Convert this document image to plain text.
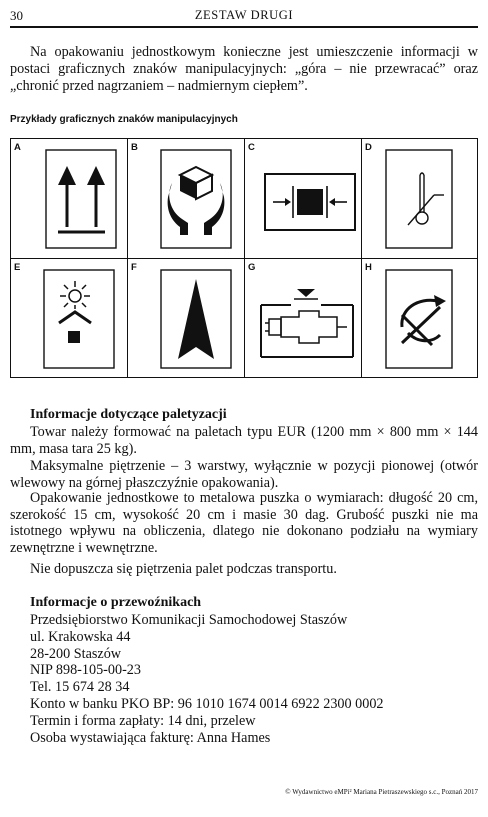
30	ZESTAW DRUGI

Na opakowaniu jednostkowym konieczne jest umieszczenie informacji w postaci graficznych znaków manipulacyjnych: „góra – nie przewracać” oraz „chronić przed nagrzaniem – nadmiernym ciepłem”.

Przykłady graficznych znaków manipulacyjnych

A	B	C	D
E	F	G	H

Informacje dotyczące paletyzacji

Towar należy formować na paletach typu EUR (1200 mm × 800 mm × 144 mm, masa tara 25 kg).

Maksymalne piętrzenie – 3 warstwy, wyłącznie w pozycji pionowej (otwór wlewowy na górnej płaszczyźnie opakowania).

Opakowanie jednostkowe to metalowa puszka o wymiarach: długość 20 cm, szerokość 15 cm, wysokość 20 cm i masie 30 dag. Grubość puszki nie ma istotnego wpływu na obliczenia, dlatego nie dokonano podziału na wymiary zewnętrzne i wewnętrzne.

Nie dopuszcza się piętrzenia palet podczas transportu.

Informacje o przewoźnikach

Przedsiębiorstwo Komunikacji Samochodowej Staszów
ul. Krakowska 44
28-200 Staszów
NIP 898-105-00-23
Tel. 15 674 28 34
Konto w banku PKO BP: 96 1010 1674 0014 6922 2300 0002
Termin i forma zapłaty: 14 dni, przelew
Osoba wystawiająca fakturę: Anna Hames
© Wydawnictwo eMPi² Mariana Pietraszewskiego s.c., Poznań 2017
